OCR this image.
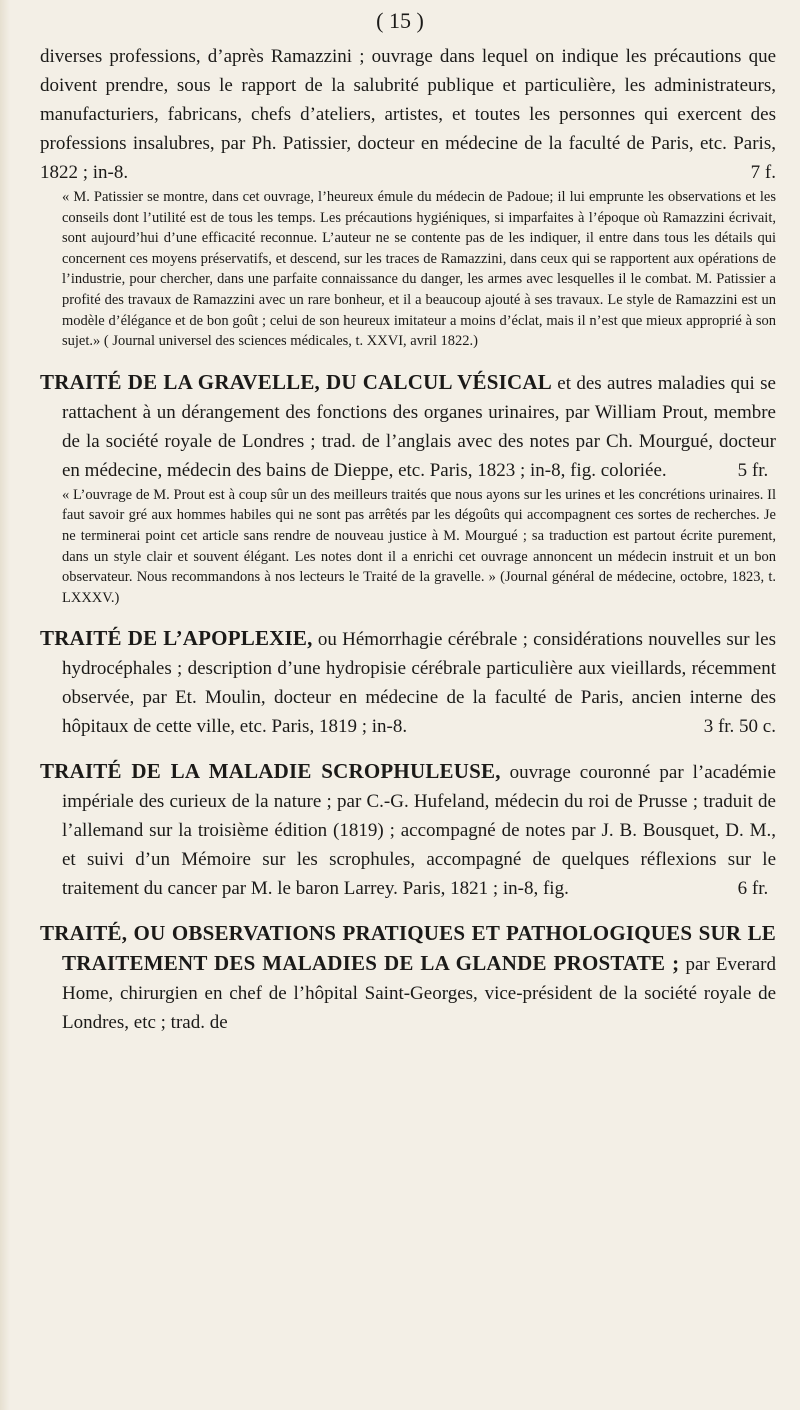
( 15 )

diverses professions, d’après Ramazzini ; ouvrage dans lequel on indique les précautions que doivent prendre, sous le rapport de la salubrité publique et particulière, les administrateurs, manufacturiers, fabricans, chefs d’ateliers, artistes, et toutes les personnes qui exercent des professions insalubres, par Ph. Patissier, docteur en médecine de la faculté de Paris, etc. Paris, 1822 ; in-8.	7 f.

« M. Patissier se montre, dans cet ouvrage, l’heureux émule du médecin de Padoue; il lui emprunte les observations et les conseils dont l’utilité est de tous les temps. Les précautions hygiéniques, si imparfaites à l’époque où Ramazzini écrivait, sont aujourd’hui d’une efficacité reconnue. L’auteur ne se contente pas de les indiquer, il entre dans tous les détails qui concernent ces moyens préservatifs, et descend, sur les traces de Ramazzini, dans ceux qui se rapportent aux opérations de l’industrie, pour chercher, dans une parfaite connaissance du danger, les armes avec lesquelles il le combat. M. Patissier a profité des travaux de Ramazzini avec un rare bonheur, et il a beaucoup ajouté à ses travaux. Le style de Ramazzini est un modèle d’élégance et de bon goût ; celui de son heureux imitateur a moins d’éclat, mais il n’est que mieux approprié à son sujet.» ( Journal universel des sciences médicales, t. XXVI, avril 1822.)

TRAITÉ DE LA GRAVELLE, DU CALCUL VÉSICAL et des autres maladies qui se rattachent à un dérangement des fonctions des organes urinaires, par William Prout, membre de la société royale de Londres ; trad. de l’anglais avec des notes par Ch. Mourgué, docteur en médecine, médecin des bains de Dieppe, etc. Paris, 1823 ; in-8, fig. coloriée.	5 fr.

« L’ouvrage de M. Prout est à coup sûr un des meilleurs traités que nous ayons sur les urines et les concrétions urinaires. Il faut savoir gré aux hommes habiles qui ne sont pas arrêtés par les dégoûts qui accompagnent ces sortes de recherches. Je ne terminerai point cet article sans rendre de nouveau justice à M. Mourgué ; sa traduction est partout écrite purement, dans un style clair et souvent élégant. Les notes dont il a enrichi cet ouvrage annoncent un médecin instruit et un bon observateur. Nous recommandons à nos lecteurs le Traité de la gravelle. » (Journal général de médecine, octobre, 1823, t. LXXXV.)

TRAITÉ DE L’APOPLEXIE, ou Hémorrhagie cérébrale ; considérations nouvelles sur les hydrocéphales ; description d’une hydropisie cérébrale particulière aux vieillards, récemment observée, par Et. Moulin, docteur en médecine de la faculté de Paris, ancien interne des hôpitaux de cette ville, etc. Paris, 1819 ; in-8.	3 fr. 50 c.

TRAITÉ DE LA MALADIE SCROPHULEUSE, ouvrage couronné par l’académie impériale des curieux de la nature ; par C.-G. Hufeland, médecin du roi de Prusse ; traduit de l’allemand sur la troisième édition (1819) ; accompagné de notes par J. B. Bousquet, D. M., et suivi d’un Mémoire sur les scrophules, accompagné de quelques réflexions sur le traitement du cancer par M. le baron Larrey. Paris, 1821 ; in-8, fig.	6 fr.

TRAITÉ, OU OBSERVATIONS PRATIQUES ET PATHOLOGIQUES SUR LE TRAITEMENT DES MALADIES DE LA GLANDE PROSTATE ; par Everard Home, chirurgien en chef de l’hôpital Saint-Georges, vice-président de la société royale de Londres, etc ; trad. de
